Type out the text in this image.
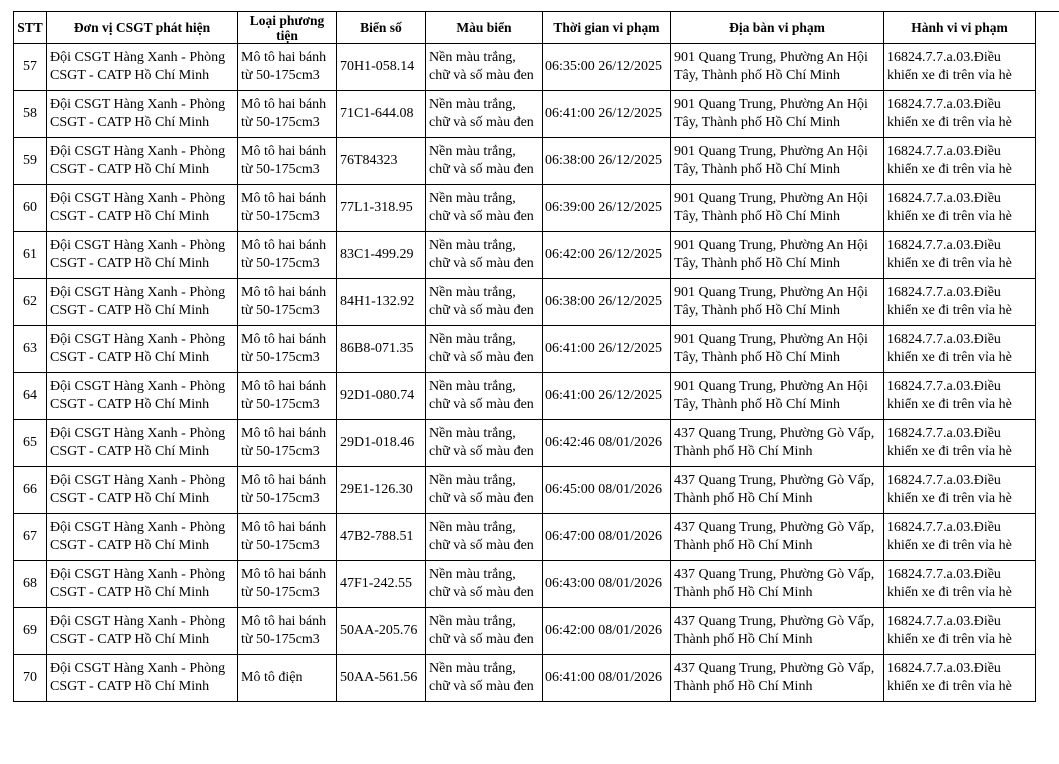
STT	Đơn vị CSGT phát hiện	Loại phương tiện	Biển số	Màu biển	Thời gian vi phạm	Địa bàn vi phạm	Hành vi vi phạm
57	Đội CSGT Hàng Xanh - Phòng CSGT - CATP Hồ Chí Minh	Mô tô hai bánh từ 50-175cm3	70H1-058.14	Nền màu trắng, chữ và số màu đen	06:35:00 26/12/2025	901 Quang Trung, Phường An Hội Tây, Thành phố Hồ Chí Minh	16824.7.7.a.03.Điều khiển xe đi trên vỉa hè
58	Đội CSGT Hàng Xanh - Phòng CSGT - CATP Hồ Chí Minh	Mô tô hai bánh từ 50-175cm3	71C1-644.08	Nền màu trắng, chữ và số màu đen	06:41:00 26/12/2025	901 Quang Trung, Phường An Hội Tây, Thành phố Hồ Chí Minh	16824.7.7.a.03.Điều khiển xe đi trên vỉa hè
59	Đội CSGT Hàng Xanh - Phòng CSGT - CATP Hồ Chí Minh	Mô tô hai bánh từ 50-175cm3	76T84323	Nền màu trắng, chữ và số màu đen	06:38:00 26/12/2025	901 Quang Trung, Phường An Hội Tây, Thành phố Hồ Chí Minh	16824.7.7.a.03.Điều khiển xe đi trên vỉa hè
60	Đội CSGT Hàng Xanh - Phòng CSGT - CATP Hồ Chí Minh	Mô tô hai bánh từ 50-175cm3	77L1-318.95	Nền màu trắng, chữ và số màu đen	06:39:00 26/12/2025	901 Quang Trung, Phường An Hội Tây, Thành phố Hồ Chí Minh	16824.7.7.a.03.Điều khiển xe đi trên vỉa hè
61	Đội CSGT Hàng Xanh - Phòng CSGT - CATP Hồ Chí Minh	Mô tô hai bánh từ 50-175cm3	83C1-499.29	Nền màu trắng, chữ và số màu đen	06:42:00 26/12/2025	901 Quang Trung, Phường An Hội Tây, Thành phố Hồ Chí Minh	16824.7.7.a.03.Điều khiển xe đi trên vỉa hè
62	Đội CSGT Hàng Xanh - Phòng CSGT - CATP Hồ Chí Minh	Mô tô hai bánh từ 50-175cm3	84H1-132.92	Nền màu trắng, chữ và số màu đen	06:38:00 26/12/2025	901 Quang Trung, Phường An Hội Tây, Thành phố Hồ Chí Minh	16824.7.7.a.03.Điều khiển xe đi trên vỉa hè
63	Đội CSGT Hàng Xanh - Phòng CSGT - CATP Hồ Chí Minh	Mô tô hai bánh từ 50-175cm3	86B8-071.35	Nền màu trắng, chữ và số màu đen	06:41:00 26/12/2025	901 Quang Trung, Phường An Hội Tây, Thành phố Hồ Chí Minh	16824.7.7.a.03.Điều khiển xe đi trên vỉa hè
64	Đội CSGT Hàng Xanh - Phòng CSGT - CATP Hồ Chí Minh	Mô tô hai bánh từ 50-175cm3	92D1-080.74	Nền màu trắng, chữ và số màu đen	06:41:00 26/12/2025	901 Quang Trung, Phường An Hội Tây, Thành phố Hồ Chí Minh	16824.7.7.a.03.Điều khiển xe đi trên vỉa hè
65	Đội CSGT Hàng Xanh - Phòng CSGT - CATP Hồ Chí Minh	Mô tô hai bánh từ 50-175cm3	29D1-018.46	Nền màu trắng, chữ và số màu đen	06:42:46 08/01/2026	437 Quang Trung, Phường Gò Vấp, Thành phố Hồ Chí Minh	16824.7.7.a.03.Điều khiển xe đi trên vỉa hè
66	Đội CSGT Hàng Xanh - Phòng CSGT - CATP Hồ Chí Minh	Mô tô hai bánh từ 50-175cm3	29E1-126.30	Nền màu trắng, chữ và số màu đen	06:45:00 08/01/2026	437 Quang Trung, Phường Gò Vấp, Thành phố Hồ Chí Minh	16824.7.7.a.03.Điều khiển xe đi trên vỉa hè
67	Đội CSGT Hàng Xanh - Phòng CSGT - CATP Hồ Chí Minh	Mô tô hai bánh từ 50-175cm3	47B2-788.51	Nền màu trắng, chữ và số màu đen	06:47:00 08/01/2026	437 Quang Trung, Phường Gò Vấp, Thành phố Hồ Chí Minh	16824.7.7.a.03.Điều khiển xe đi trên vỉa hè
68	Đội CSGT Hàng Xanh - Phòng CSGT - CATP Hồ Chí Minh	Mô tô hai bánh từ 50-175cm3	47F1-242.55	Nền màu trắng, chữ và số màu đen	06:43:00 08/01/2026	437 Quang Trung, Phường Gò Vấp, Thành phố Hồ Chí Minh	16824.7.7.a.03.Điều khiển xe đi trên vỉa hè
69	Đội CSGT Hàng Xanh - Phòng CSGT - CATP Hồ Chí Minh	Mô tô hai bánh từ 50-175cm3	50AA-205.76	Nền màu trắng, chữ và số màu đen	06:42:00 08/01/2026	437 Quang Trung, Phường Gò Vấp, Thành phố Hồ Chí Minh	16824.7.7.a.03.Điều khiển xe đi trên vỉa hè
70	Đội CSGT Hàng Xanh - Phòng CSGT - CATP Hồ Chí Minh	Mô tô điện	50AA-561.56	Nền màu trắng, chữ và số màu đen	06:41:00 08/01/2026	437 Quang Trung, Phường Gò Vấp, Thành phố Hồ Chí Minh	16824.7.7.a.03.Điều khiển xe đi trên vỉa hè
